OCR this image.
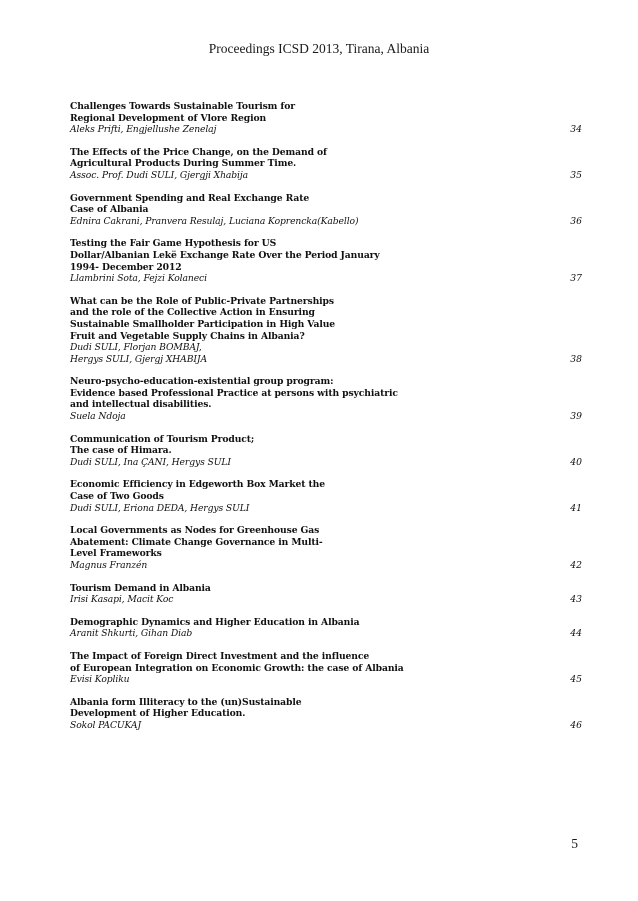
Proceedings ICSD 2013, Tirana, Albania
Challenges Towards Sustainable Tourism for
Regional Development of Vlore Region
Aleks Prifti, Engjellushe Zenelaj	34
The Effects of the Price Change, on the Demand of
Agricultural Products During Summer Time.
Assoc. Prof. Dudi SULI, Gjergji Xhabija	35
Government Spending and Real Exchange Rate
Case of Albania
Ednira Cakrani, Pranvera Resulaj, Luciana Koprencka(Kabello)	36
Testing the Fair Game Hypothesis for US
Dollar/Albanian Lekë Exchange Rate Over the Period January
1994- December 2012
Llambrini Sota, Fejzi Kolaneci	37
What can be the Role of Public-Private Partnerships
and the role of the Collective Action in Ensuring
Sustainable Smallholder Participation in High Value
Fruit and Vegetable Supply Chains in Albania?
Dudi SULI, Florjan BOMBAJ,
Hergys SULI, Gjergj XHABIJA	38
Neuro-psycho-education-existential group program:
Evidence based Professional Practice at persons with psychiatric
and intellectual disabilities.
Suela Ndoja	39
Communication of Tourism Product;
The case of Himara.
Dudi SULI, Ina ÇANI, Hergys SULI	40
Economic Efficiency in Edgeworth Box Market the
Case of Two Goods
Dudi SULI, Eriona DEDA, Hergys SULI	41
Local Governments as Nodes for Greenhouse Gas
Abatement: Climate Change Governance in Multi-
Level Frameworks
Magnus Franzén	42
Tourism Demand in Albania
Irisi Kasapi, Macit Koc	43
Demographic Dynamics and Higher Education in Albania
Aranit Shkurti, Gihan Diab	44
The Impact of Foreign Direct Investment and the influence
of European Integration on Economic Growth: the case of Albania
Evisi Kopliku	45
Albania form Illiteracy to the (un)Sustainable
Development of Higher Education.
Sokol PACUKAJ	46
5
